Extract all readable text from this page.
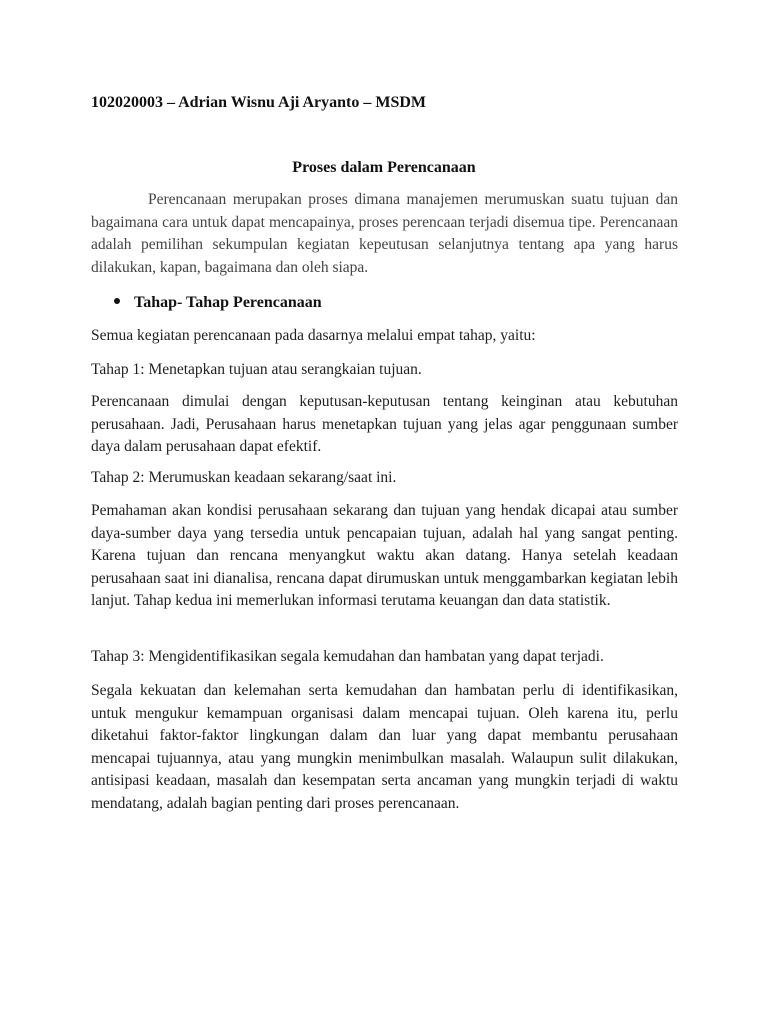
102020003 – Adrian Wisnu Aji Aryanto – MSDM
Proses dalam Perencanaan
Perencanaan merupakan proses dimana manajemen merumuskan suatu tujuan dan bagaimana cara untuk dapat mencapainya, proses perencaan terjadi disemua tipe. Perencanaan adalah pemilihan sekumpulan kegiatan kepeutusan selanjutnya tentang apa yang harus dilakukan, kapan, bagaimana dan oleh siapa.
Tahap- Tahap Perencanaan
Semua kegiatan perencanaan pada dasarnya melalui empat tahap, yaitu:
Tahap 1: Menetapkan tujuan atau serangkaian tujuan.
Perencanaan dimulai dengan keputusan-keputusan tentang keinginan atau kebutuhan perusahaan. Jadi, Perusahaan harus menetapkan tujuan yang jelas agar penggunaan sumber daya dalam perusahaan dapat efektif.
Tahap 2: Merumuskan keadaan sekarang/saat ini.
Pemahaman akan kondisi perusahaan sekarang dan tujuan yang hendak dicapai atau sumber daya-sumber daya yang tersedia untuk pencapaian tujuan, adalah hal yang sangat penting. Karena tujuan dan rencana menyangkut waktu akan datang. Hanya setelah keadaan perusahaan saat ini dianalisa, rencana dapat dirumuskan untuk menggambarkan kegiatan lebih lanjut. Tahap kedua ini memerlukan informasi terutama keuangan dan data statistik.
Tahap 3: Mengidentifikasikan segala kemudahan dan hambatan yang dapat terjadi.
Segala kekuatan dan kelemahan serta kemudahan dan hambatan perlu di identifikasikan, untuk mengukur kemampuan organisasi dalam mencapai tujuan. Oleh karena itu, perlu diketahui faktor-faktor lingkungan dalam dan luar yang dapat membantu perusahaan mencapai tujuannya, atau yang mungkin menimbulkan masalah. Walaupun sulit dilakukan, antisipasi keadaan, masalah dan kesempatan serta ancaman yang mungkin terjadi di waktu mendatang, adalah bagian penting dari proses perencanaan.
